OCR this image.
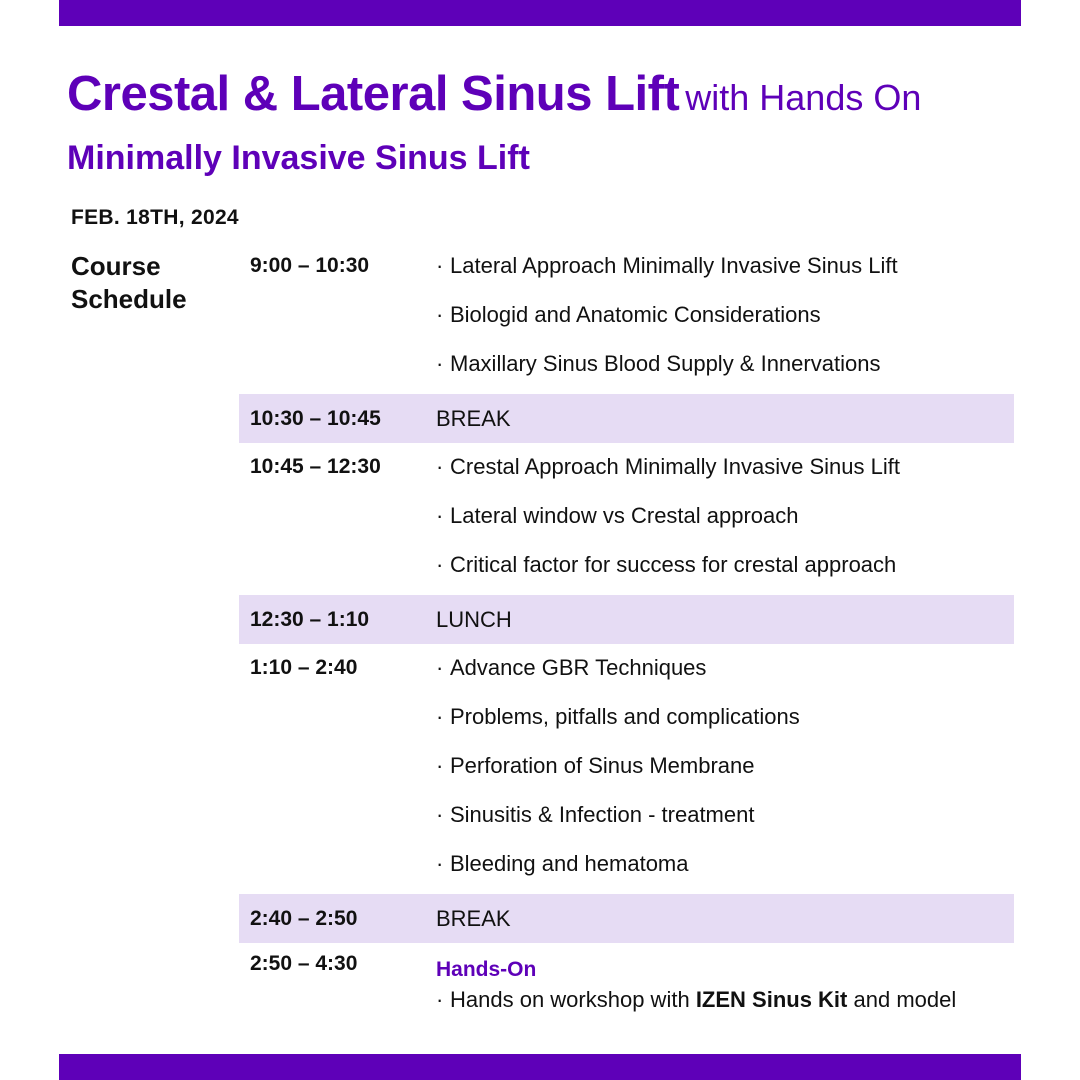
Crestal & Lateral Sinus Lift with Hands On
Minimally Invasive Sinus Lift
FEB. 18TH, 2024
Course
Schedule
9:00 – 10:30	· Lateral Approach Minimally Invasive Sinus Lift
· Biologid and Anatomic Considerations
· Maxillary Sinus Blood Supply & Innervations
10:30 – 10:45	BREAK
10:45 – 12:30	· Crestal Approach Minimally Invasive Sinus Lift
· Lateral window vs Crestal approach
· Critical factor for success for crestal approach
12:30 – 1:10	LUNCH
1:10 – 2:40	· Advance GBR Techniques
· Problems, pitfalls and complications
· Perforation of Sinus Membrane
· Sinusitis & Infection - treatment
· Bleeding and hematoma
2:40 – 2:50	BREAK
2:50 – 4:30	Hands-On
· Hands on workshop with IZEN Sinus Kit and model
